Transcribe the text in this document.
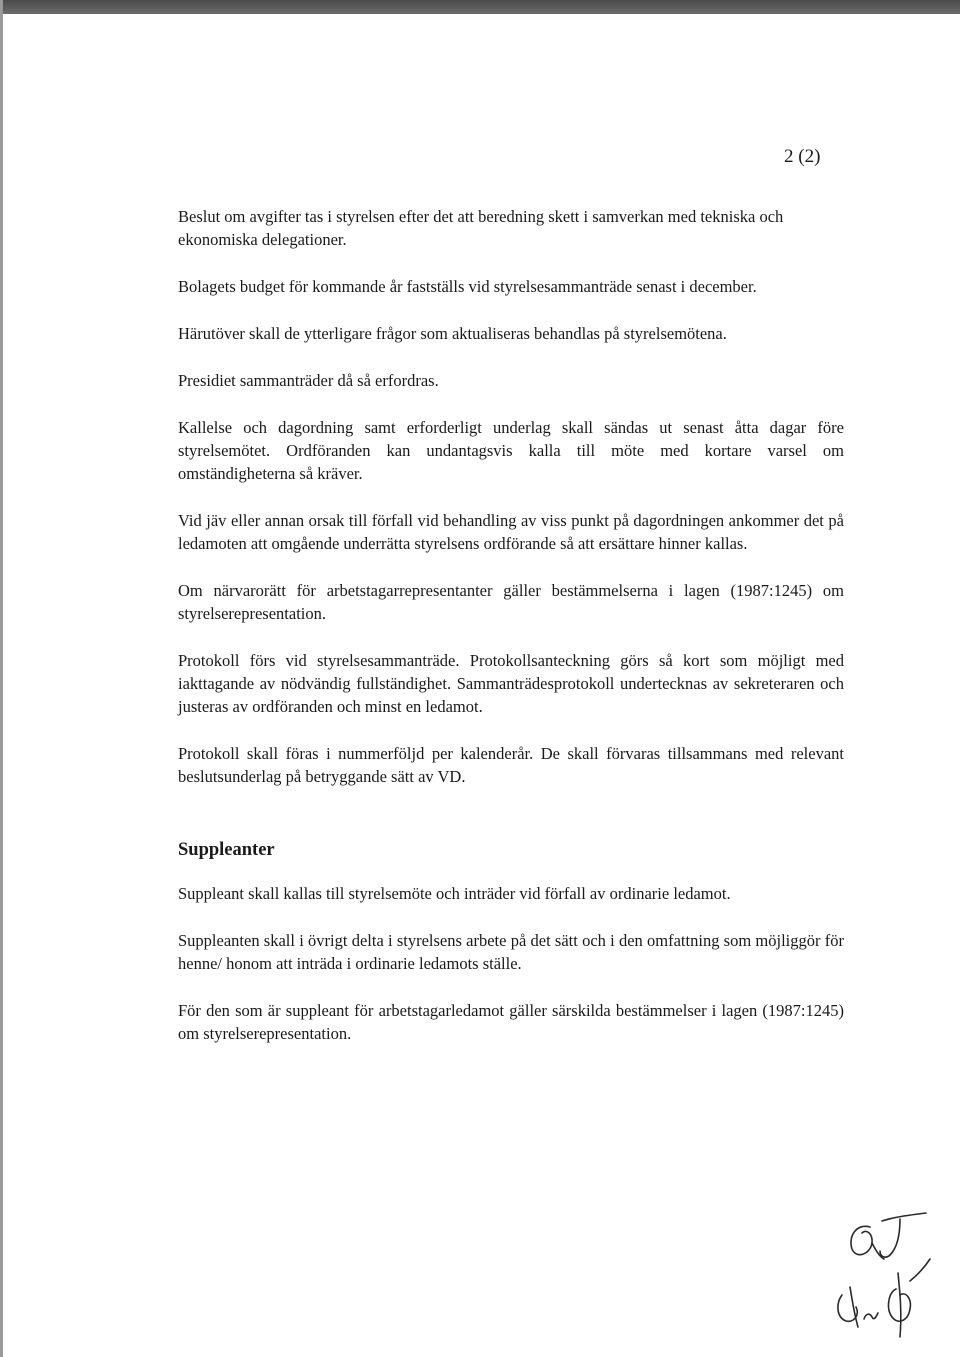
2 (2)

Beslut om avgifter tas i styrelsen efter det att beredning skett i samverkan med tekniska och ekonomiska delegationer.

Bolagets budget för kommande år fastställs vid styrelsesammanträde senast i december.

Härutöver skall de ytterligare frågor som aktualiseras behandlas på styrelsemötena.

Presidiet sammanträder då så erfordras.

Kallelse och dagordning samt erforderligt underlag skall sändas ut senast åtta dagar före styrelsemötet. Ordföranden kan undantagsvis kalla till möte med kortare varsel om omständigheterna så kräver.

Vid jäv eller annan orsak till förfall vid behandling av viss punkt på dagordningen ankommer det på ledamoten att omgående underrätta styrelsens ordförande så att ersättare hinner kallas.

Om närvarorätt för arbetstagarrepresentanter gäller bestämmelserna i lagen (1987:1245) om styrelserepresentation.

Protokoll förs vid styrelsesammanträde. Protokollsanteckning görs så kort som möjligt med iakttagande av nödvändig fullständighet. Sammanträdesprotokoll undertecknas av sekreteraren och justeras av ordföranden och minst en ledamot.

Protokoll skall föras i nummerföljd per kalenderår. De skall förvaras tillsammans med relevant beslutsunderlag på betryggande sätt av VD.

Suppleanter

Suppleant skall kallas till styrelsemöte och inträder vid förfall av ordinarie ledamot.

Suppleanten skall i övrigt delta i styrelsens arbete på det sätt och i den omfattning som möjliggör för henne/ honom att inträda i ordinarie ledamots ställe.

För den som är suppleant för arbetstagarledamot gäller särskilda bestämmelser i lagen (1987:1245) om styrelserepresentation.
